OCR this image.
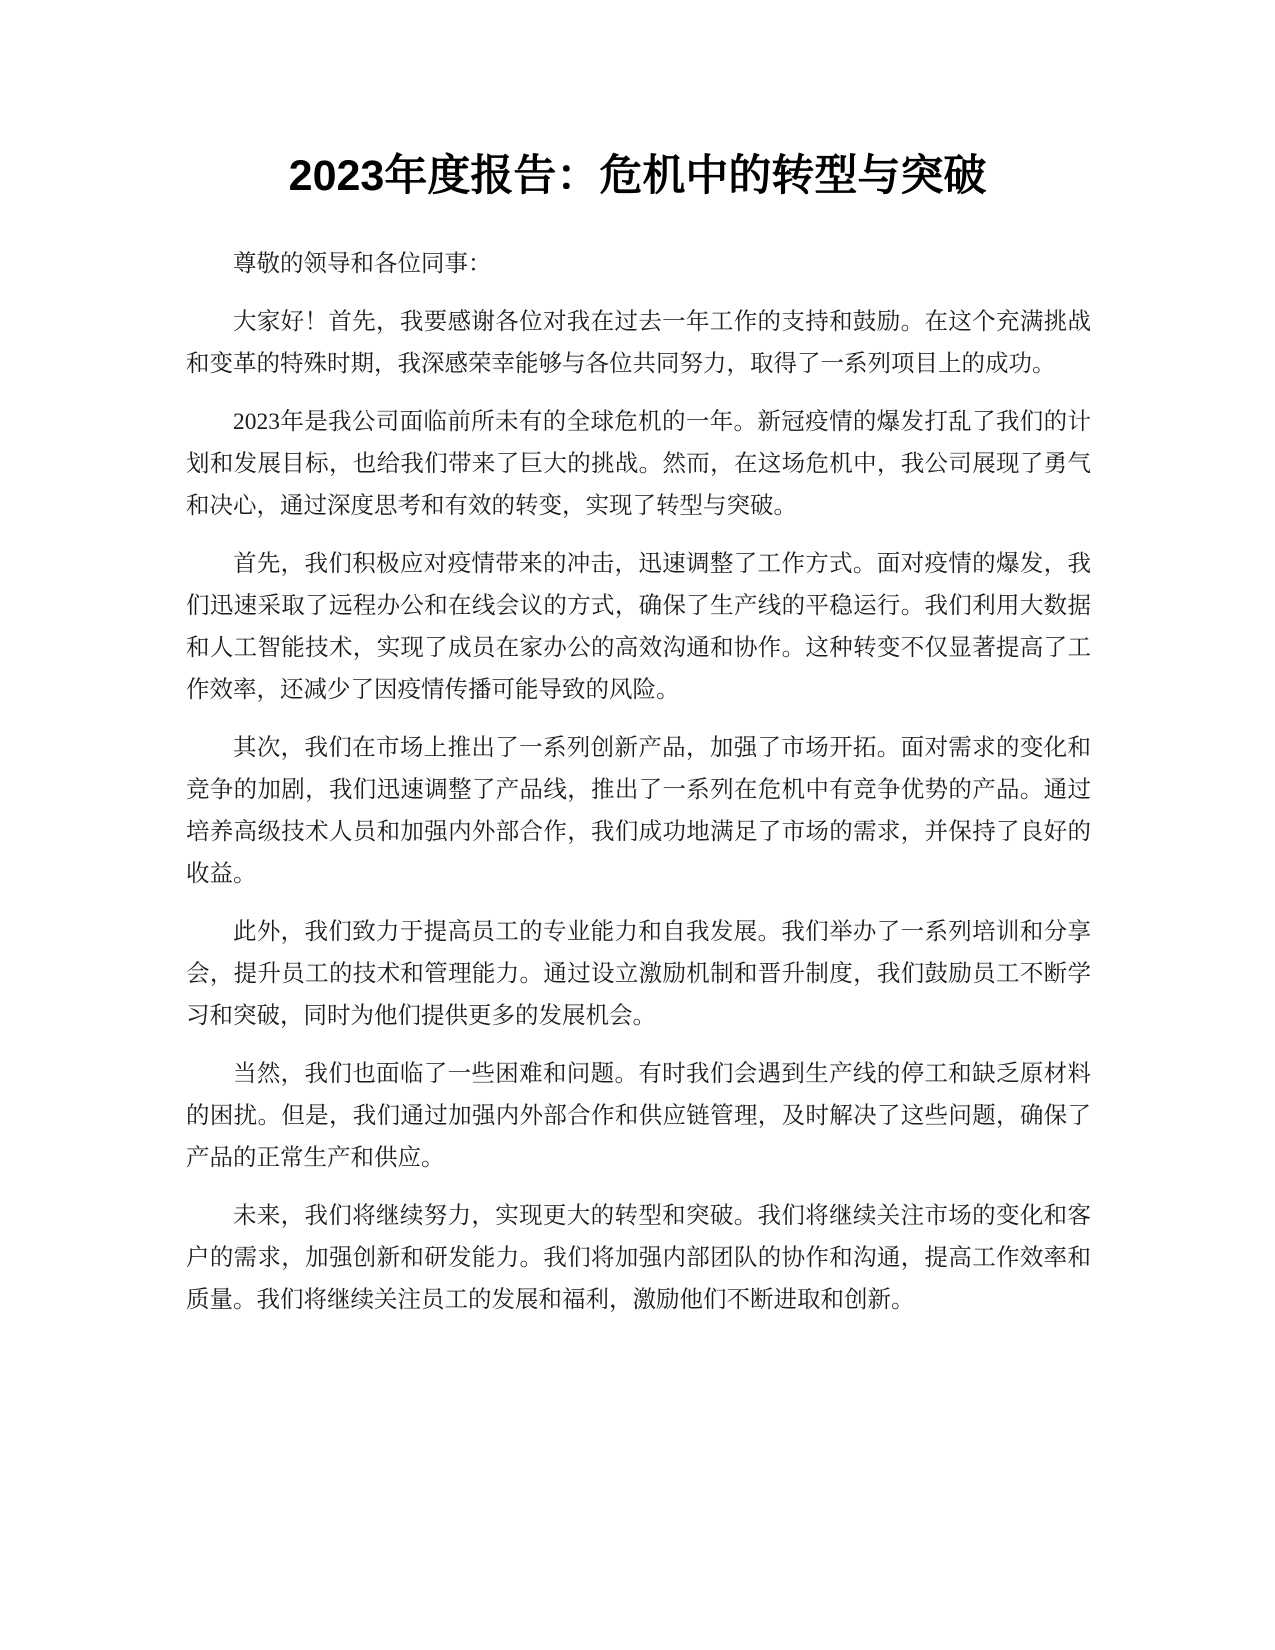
2023年度报告：危机中的转型与突破

尊敬的领导和各位同事：

大家好！首先，我要感谢各位对我在过去一年工作的支持和鼓励。在这个充满挑战和变革的特殊时期，我深感荣幸能够与各位共同努力，取得了一系列项目上的成功。

2023年是我公司面临前所未有的全球危机的一年。新冠疫情的爆发打乱了我们的计划和发展目标，也给我们带来了巨大的挑战。然而，在这场危机中，我公司展现了勇气和决心，通过深度思考和有效的转变，实现了转型与突破。

首先，我们积极应对疫情带来的冲击，迅速调整了工作方式。面对疫情的爆发，我们迅速采取了远程办公和在线会议的方式，确保了生产线的平稳运行。我们利用大数据和人工智能技术，实现了成员在家办公的高效沟通和协作。这种转变不仅显著提高了工作效率，还减少了因疫情传播可能导致的风险。

其次，我们在市场上推出了一系列创新产品，加强了市场开拓。面对需求的变化和竞争的加剧，我们迅速调整了产品线，推出了一系列在危机中有竞争优势的产品。通过培养高级技术人员和加强内外部合作，我们成功地满足了市场的需求，并保持了良好的收益。

此外，我们致力于提高员工的专业能力和自我发展。我们举办了一系列培训和分享会，提升员工的技术和管理能力。通过设立激励机制和晋升制度，我们鼓励员工不断学习和突破，同时为他们提供更多的发展机会。

当然，我们也面临了一些困难和问题。有时我们会遇到生产线的停工和缺乏原材料的困扰。但是，我们通过加强内外部合作和供应链管理，及时解决了这些问题，确保了产品的正常生产和供应。

未来，我们将继续努力，实现更大的转型和突破。我们将继续关注市场的变化和客户的需求，加强创新和研发能力。我们将加强内部团队的协作和沟通，提高工作效率和质量。我们将继续关注员工的发展和福利，激励他们不断进取和创新。
